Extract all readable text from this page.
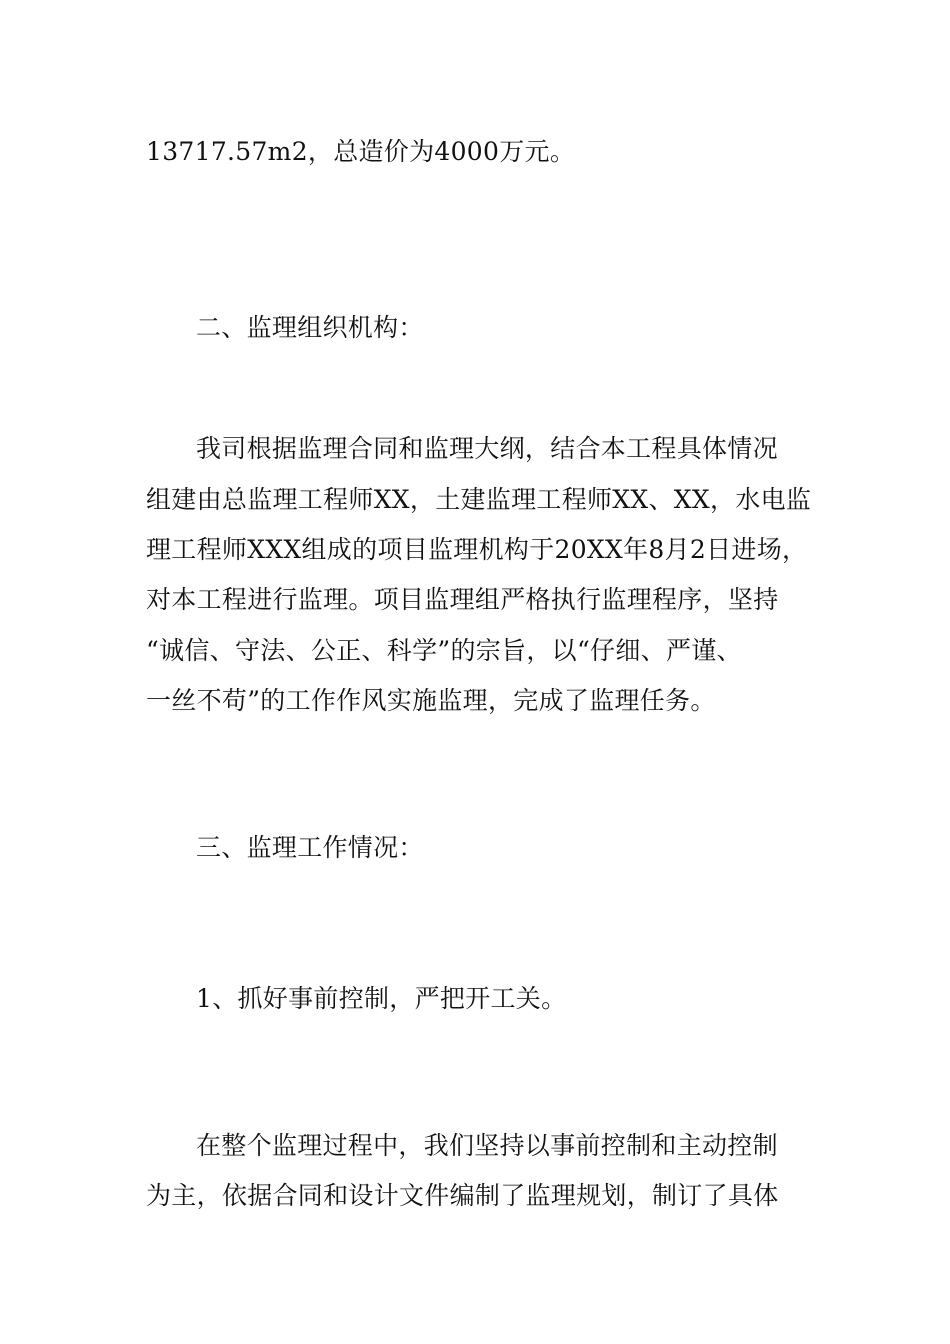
13717.57m2，总造价为4000万元。
二、监理组织机构：
我司根据监理合同和监理大纲，结合本工程具体情况
组建由总监理工程师XX，土建监理工程师XX、XX，水电监
理工程师XXX组成的项目监理机构于20XX年8月2日进场，
对本工程进行监理。项目监理组严格执行监理程序，坚持
“诚信、守法、公正、科学”的宗旨，以“仔细、严谨、
一丝不苟”的工作作风实施监理，完成了监理任务。
三、监理工作情况：
1、抓好事前控制，严把开工关。
在整个监理过程中，我们坚持以事前控制和主动控制
为主，依据合同和设计文件编制了监理规划，制订了具体
